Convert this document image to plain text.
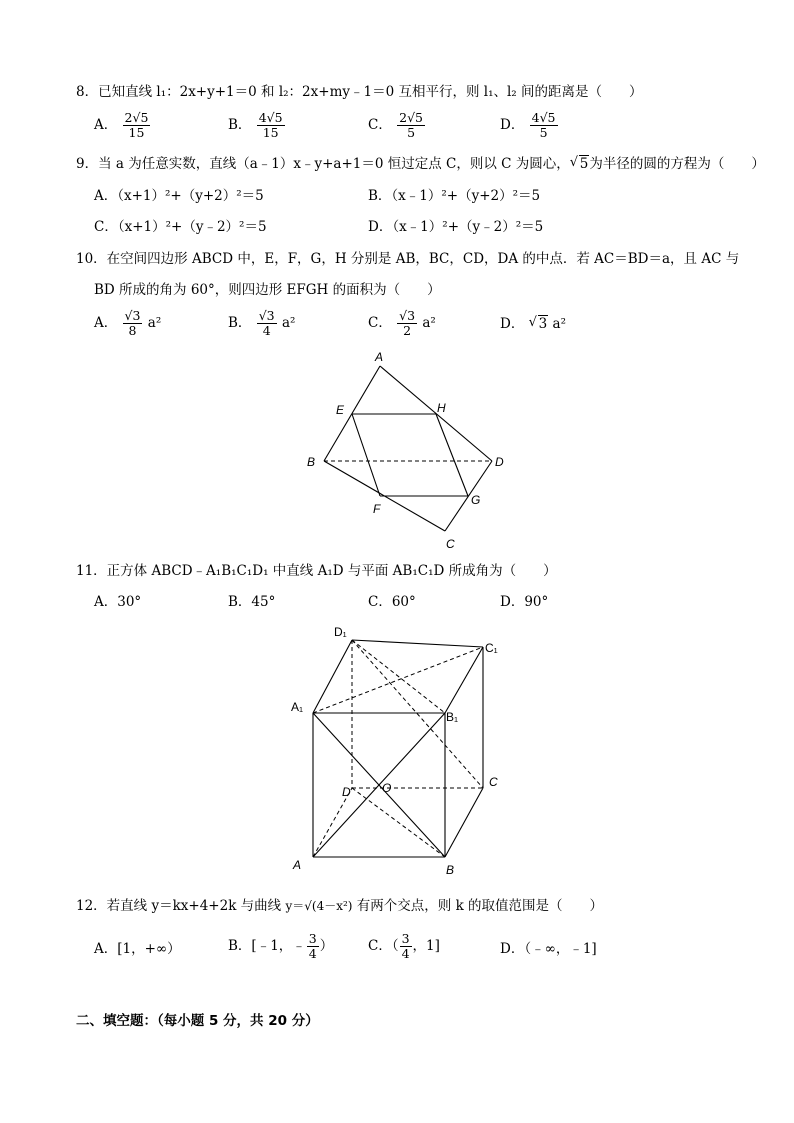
8．已知直线 l₁：2x+y+1＝0 和 l₂：2x+my﹣1＝0 互相平行，则 l₁、l₂ 间的距离是（　　）
A． $\frac{2√5}{15}$	B． $\frac{4√5}{15}$	C． $\frac{2√5}{5}$	D． $\frac{4√5}{5}$
9．当 a 为任意实数，直线（a﹣1）x﹣y+a+1＝0 恒过定点 C，则以 C 为圆心， √ 5为半径的圆的方程为（　　）
A．（x+1）²+（y+2）²＝5	B．（x﹣1）²+（y+2）²＝5
C．（x+1）²+（y﹣2）²＝5	D．（x﹣1）²+（y﹣2）²＝5
10．在空间四边形 ABCD 中，E，F，G，H 分别是 AB，BC，CD，DA 的中点．若 AC＝BD＝a，且 AC 与
BD 所成的角为 60°，则四边形 EFGH 的面积为（　　）
A． $\frac{√3}{8} a^2$	B． $\frac{√3}{4} a^2$	C． $\frac{√3}{2} a^2$	D． √ 3 a²
A
B
C
D
E
F
G
H
11．正方体 ABCD﹣A₁B₁C₁D₁ 中直线 A₁D 与平面 AB₁C₁D 所成角为（　　）
A．30°	B．45°	C．60°	D．90°
D₁
C₁
A₁
B₁
C
D	O
A	B
12．若直线 y＝kx+4+2k 与曲线 y＝√(4－x²) 有两个交点，则 k 的取值范围是（　　）
A．[1，+∞）	B．[﹣1，﹣ $\frac{3}{4}$ ）	C．（ $\frac{3}{4}$ ，1]	D．（﹣∞，﹣1]
二、填空题：（每小题 5 分，共 20 分）
